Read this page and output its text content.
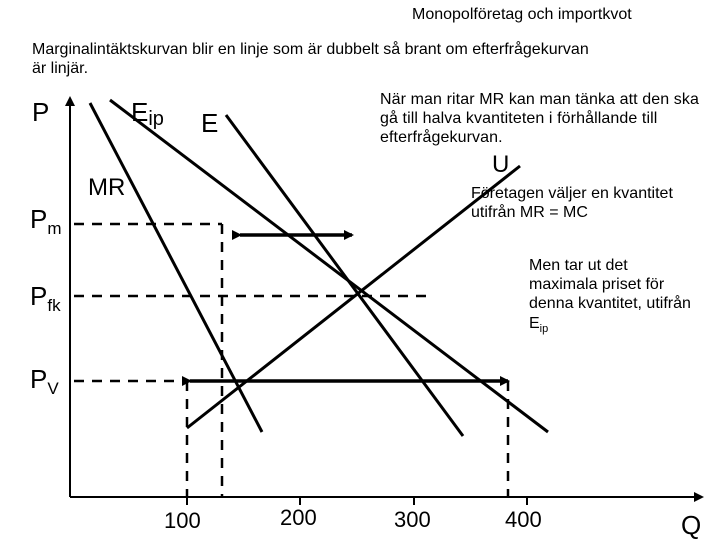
Monopolföretag och importkvot
Marginalintäktskurvan blir en linje som är dubbelt så brant om efterfrågekurvan är linjär.
När man ritar MR kan man tänka att den ska gå till halva kvantiteten i förhållande till efterfrågekurvan.
Företagen väljer en kvantitet utifrån MR = MC
Men tar ut det maximala priset för denna kvantitet, utifrån $E_{ip}$
P
Q
100	200	300	400
Eip E
MR
U
$P_m$
$P_{fk}$
$P_V$
